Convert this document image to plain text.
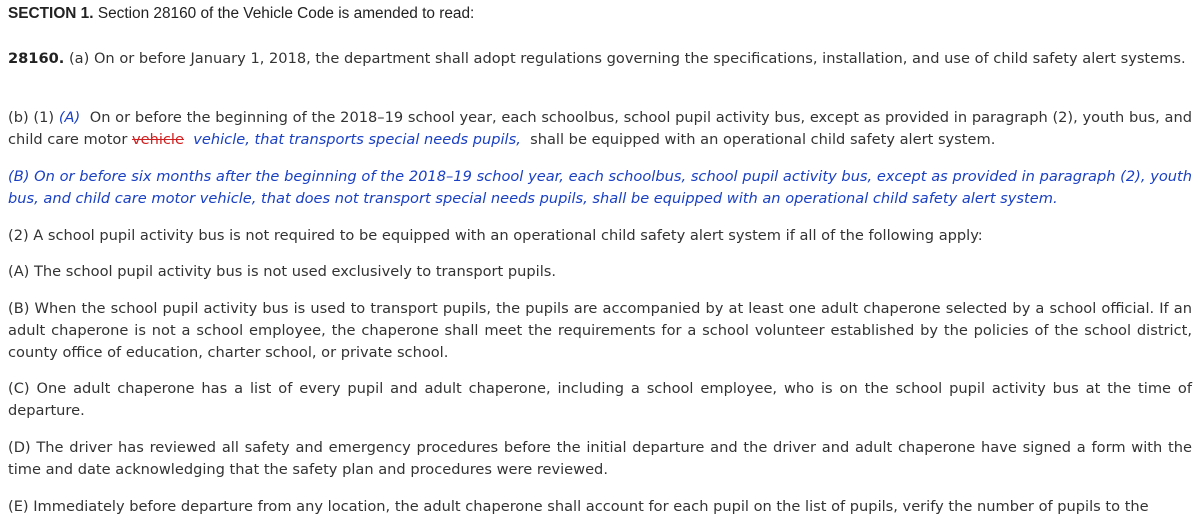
SECTION 1. Section 28160 of the Vehicle Code is amended to read:

28160. (a) On or before January 1, 2018, the department shall adopt regulations governing the specifications, installation, and use of child safety alert systems.

(b) (1) (A) On or before the beginning of the 2018–19 school year, each schoolbus, school pupil activity bus, except as provided in paragraph (2), youth bus, and child care motor vehicle vehicle, that transports special needs pupils, shall be equipped with an operational child safety alert system.

(B) On or before six months after the beginning of the 2018–19 school year, each schoolbus, school pupil activity bus, except as provided in paragraph (2), youth bus, and child care motor vehicle, that does not transport special needs pupils, shall be equipped with an operational child safety alert system.

(2) A school pupil activity bus is not required to be equipped with an operational child safety alert system if all of the following apply:

(A) The school pupil activity bus is not used exclusively to transport pupils.

(B) When the school pupil activity bus is used to transport pupils, the pupils are accompanied by at least one adult chaperone selected by a school official. If an adult chaperone is not a school employee, the chaperone shall meet the requirements for a school volunteer established by the policies of the school district, county office of education, charter school, or private school.

(C) One adult chaperone has a list of every pupil and adult chaperone, including a school employee, who is on the school pupil activity bus at the time of departure.

(D) The driver has reviewed all safety and emergency procedures before the initial departure and the driver and adult chaperone have signed a form with the time and date acknowledging that the safety plan and procedures were reviewed.

(E) Immediately before departure from any location, the adult chaperone shall account for each pupil on the list of pupils, verify the number of pupils to the
